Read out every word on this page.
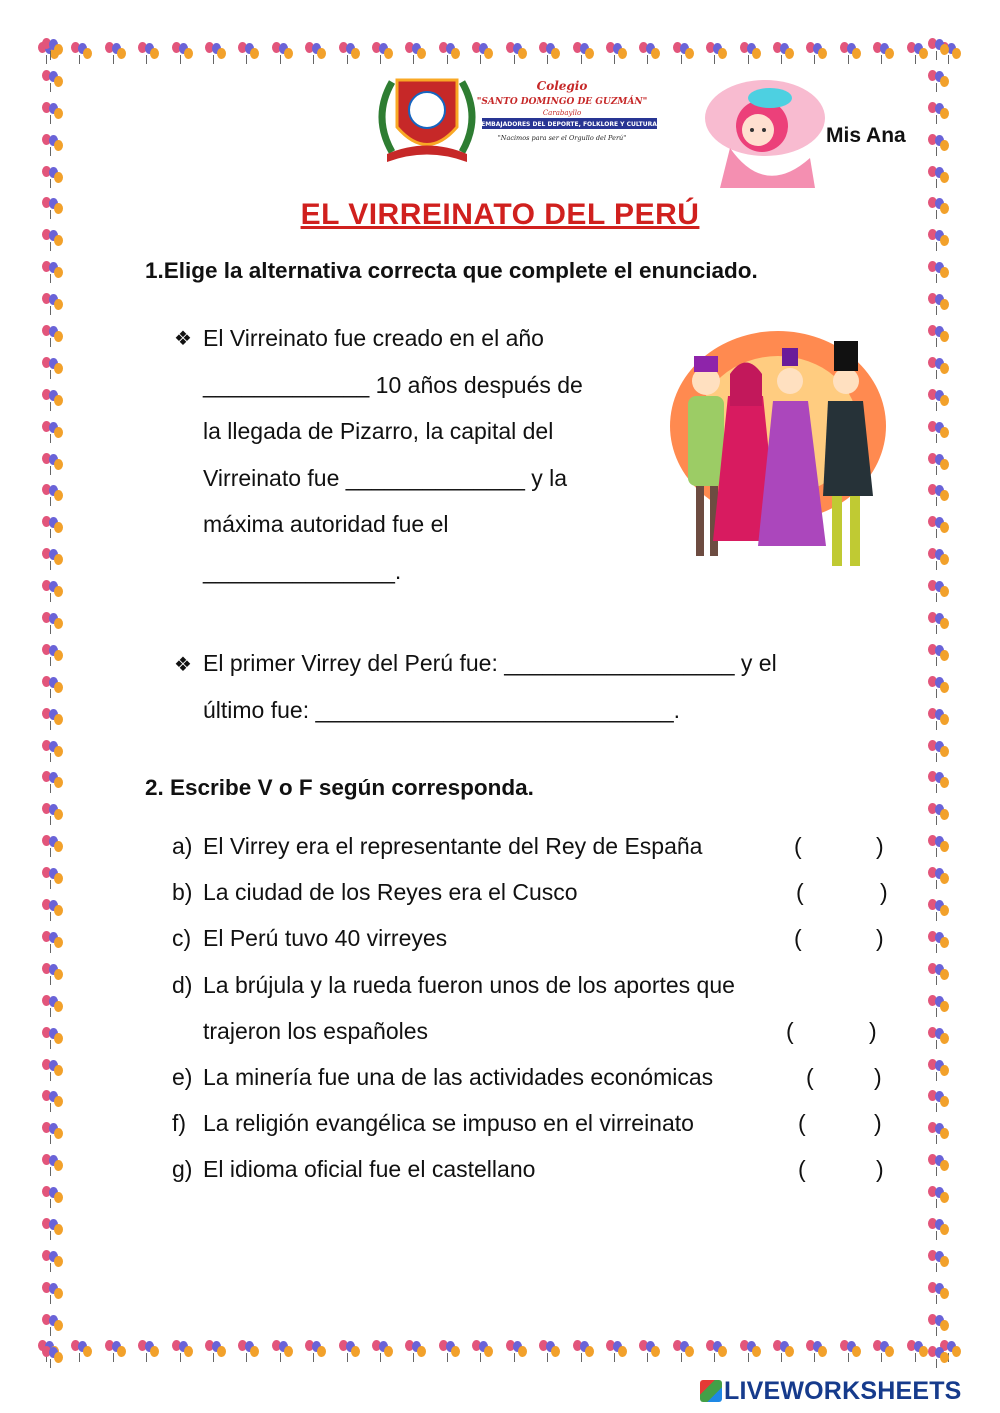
Colegio
"SANTO DOMINGO DE GUZMÁN"
Carabayllo
EMBAJADORES DEL DEPORTE, FOLKLORE Y CULTURA
"Nacimos para ser el Orgullo del Perú"	Mis Ana
EL VIRREINATO DEL PERÚ
1.Elige la alternativa correcta que complete el enunciado.
❖ El Virreinato fue creado en el año
_____________ 10 años después de
la llegada de Pizarro, la capital del
Virreinato fue ______________ y la
máxima autoridad fue el
_______________.
❖ El primer Virrey del Perú fue: __________________ y el
último fue: ____________________________.
2. Escribe V o F según corresponda.
a) El Virrey era el representante del Rey de España	(	)
b) La ciudad de los Reyes era el Cusco	(	)
c) El Perú tuvo 40 virreyes	(	)
d) La brújula y la rueda fueron unos de los aportes que
trajeron los españoles	(	)
e) La minería fue una de las actividades económicas	(	)
f) La religión evangélica se impuso en el virreinato	(	)
g) El idioma oficial fue el castellano	(	)
LIVEWORKSHEETS
